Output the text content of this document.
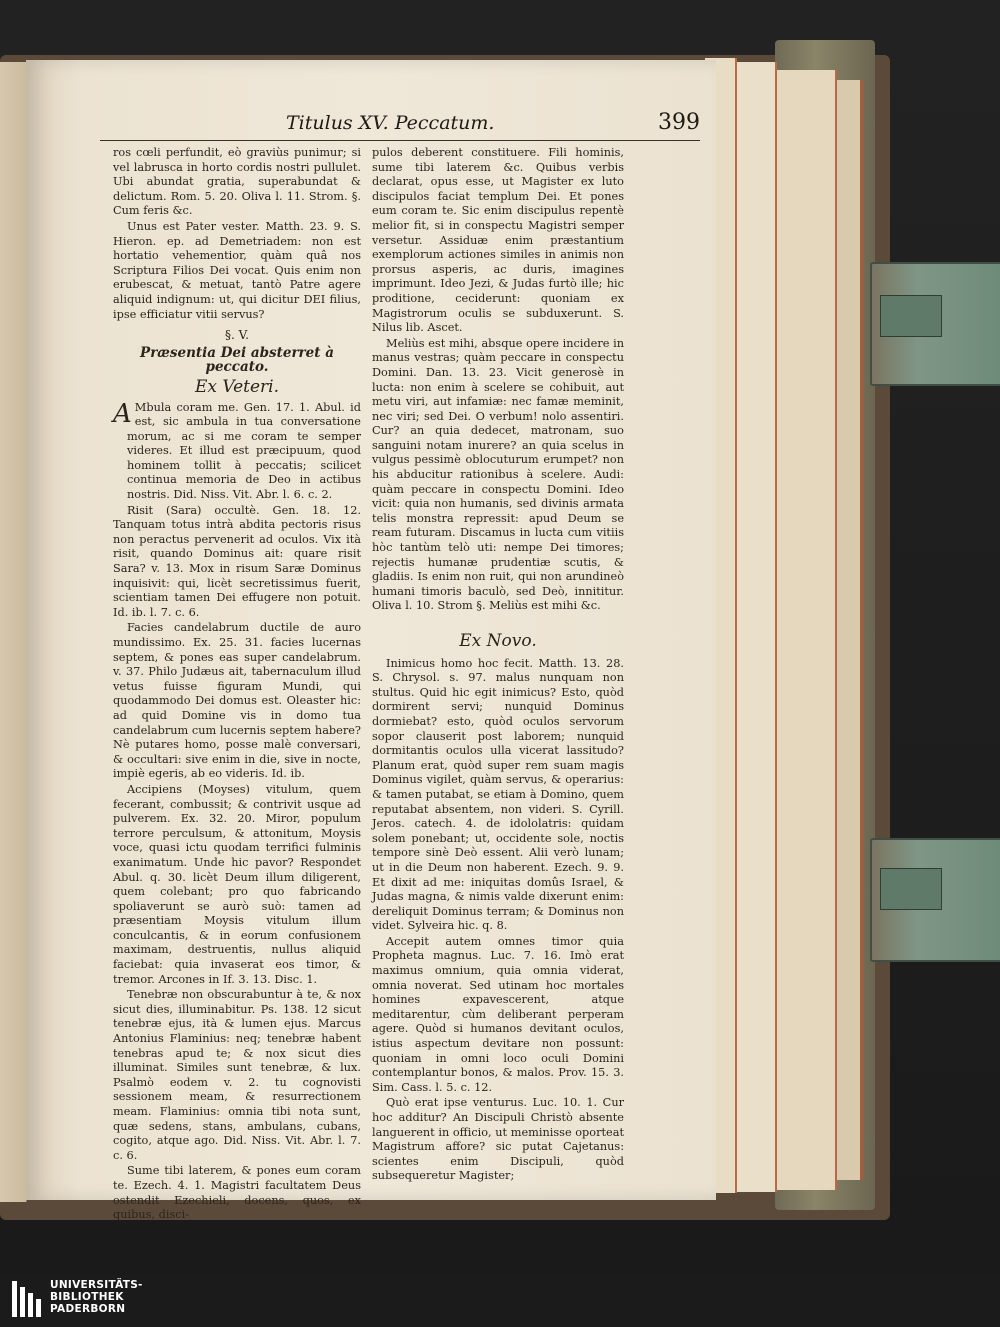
Titulus XV. Peccatum.	399

ros cœli perfundit, eò graviùs punimur; si vel labrusca in horto cordis nostri pullulet. Ubi abundat gratia, superabundat & delictum. Rom. 5. 20. Oliva l. 11. Strom. §. Cum feris &c.

Unus est Pater vester. Matth. 23. 9. S. Hieron. ep. ad Demetriadem: non est hortatio vehementior, quàm quâ nos Scriptura Filios Dei vocat. Quis enim non erubescat, & metuat, tantò Patre agere aliquid indignum: ut, qui dicitur DEI filius, ipse efficiatur vitii servus?

§. V.

Præsentia Dei absterret à peccato.

Ex Veteri.

A Mbula coram me. Gen. 17. 1. Abul. id est, sic ambula in tua conversatione morum, ac si me coram te semper videres. Et illud est præcipuum, quod hominem tollit à peccatis; scilicet continua memoria de Deo in actibus nostris. Did. Niss. Vit. Abr. l. 6. c. 2.

Risit (Sara) occultè. Gen. 18. 12. Tanquam totus intrà abdita pectoris risus non peractus pervenerit ad oculos. Vix ità risit, quando Dominus ait: quare risit Sara? v. 13. Mox in risum Saræ Dominus inquisivit: qui, licèt secretissimus fuerit, scientiam tamen Dei effugere non potuit. Id. ib. l. 7. c. 6.

Facies candelabrum ductile de auro mundissimo. Ex. 25. 31. facies lucernas septem, & pones eas super candelabrum. v. 37. Philo Judæus ait, tabernaculum illud vetus fuisse figuram Mundi, qui quodammodo Dei domus est. Oleaster hic: ad quid Domine vis in domo tua candelabrum cum lucernis septem habere? Nè putares homo, posse malè conversari, & occultari: sive enim in die, sive in nocte, impiè egeris, ab eo videris. Id. ib.

Accipiens (Moyses) vitulum, quem fecerant, combussit; & contrivit usque ad pulverem. Ex. 32. 20. Miror, populum terrore perculsum, & attonitum, Moysis voce, quasi ictu quodam terrifici fulminis exanimatum. Unde hic pavor? Respondet Abul. q. 30. licèt Deum illum diligerent, quem colebant; pro quo fabricando spoliaverunt se aurò suò: tamen ad præsentiam Moysis vitulum illum conculcantis, & in eorum confusionem maximam, destruentis, nullus aliquid faciebat: quia invaserat eos timor, & tremor. Arcones in If. 3. 13. Disc. 1.

Tenebræ non obscurabuntur à te, & nox sicut dies, illuminabitur. Ps. 138. 12 sicut tenebræ ejus, ità & lumen ejus. Marcus Antonius Flaminius: neq; tenebræ habent tenebras apud te; & nox sicut dies illuminat. Similes sunt tenebræ, & lux. Psalmò eodem v. 2. tu cognovisti sessionem meam, & resurrectionem meam. Flaminius: omnia tibi nota sunt, quæ sedens, stans, ambulans, cubans, cogito, atque ago. Did. Niss. Vit. Abr. l. 7. c. 6.

Sume tibi laterem, & pones eum coram te. Ezech. 4. 1. Magistri facultatem Deus ostendit Ezechieli, docens, quos, ex quibus, disci-

pulos deberent constituere. Fili hominis, sume tibi laterem &c. Quibus verbis declarat, opus esse, ut Magister ex luto discipulos faciat templum Dei. Et pones eum coram te. Sic enim discipulus repentè melior fit, si in conspectu Magistri semper versetur. Assiduæ enim præstantium exemplorum actiones similes in animis non prorsus asperis, ac duris, imagines imprimunt. Ideo Jezi, & Judas furtò ille; hic proditione, ceciderunt: quoniam ex Magistrorum oculis se subduxerunt. S. Nilus lib. Ascet.

Meliùs est mihi, absque opere incidere in manus vestras; quàm peccare in conspectu Domini. Dan. 13. 23. Vicit generosè in lucta: non enim à scelere se cohibuit, aut metu viri, aut infamiæ: nec famæ meminit, nec viri; sed Dei. O verbum! nolo assentiri. Cur? an quia dedecet, matronam, suo sanguini notam inurere? an quia scelus in vulgus pessimè oblocuturum erumpet? non his abducitur rationibus à scelere. Audi: quàm peccare in conspectu Domini. Ideo vicit: quia non humanis, sed divinis armata telis monstra repressit: apud Deum se ream futuram. Discamus in lucta cum vitiis hòc tantùm telò uti: nempe Dei timores; rejectis humanæ prudentiæ scutis, & gladiis. Is enim non ruit, qui non arundineò humani timoris baculò, sed Deò, innititur. Oliva l. 10. Strom §. Meliùs est mihi &c.

Ex Novo.

Inimicus homo hoc fecit. Matth. 13. 28. S. Chrysol. s. 97. malus nunquam non stultus. Quid hic egit inimicus? Esto, quòd dormirent servi; nunquid Dominus dormiebat? esto, quòd oculos servorum sopor clauserit post laborem; nunquid dormitantis oculos ulla vicerat lassitudo? Planum erat, quòd super rem suam magis Dominus vigilet, quàm servus, & operarius: & tamen putabat, se etiam à Domino, quem reputabat absentem, non videri. S. Cyrill. Jeros. catech. 4. de idololatris: quidam solem ponebant; ut, occidente sole, noctis tempore sinè Deò essent. Alii verò lunam; ut in die Deum non haberent. Ezech. 9. 9. Et dixit ad me: iniquitas domûs Israel, & Judas magna, & nimis valde dixerunt enim: dereliquit Dominus terram; & Dominus non videt. Sylveira hic. q. 8.

Accepit autem omnes timor quia Propheta magnus. Luc. 7. 16. Imò erat maximus omnium, quia omnia viderat, omnia noverat. Sed utinam hoc mortales homines expavescerent, atque meditarentur, cùm deliberant perperam agere. Quòd si humanos devitant oculos, istius aspectum devitare non possunt: quoniam in omni loco oculi Domini contemplantur bonos, & malos. Prov. 15. 3. Sim. Cass. l. 5. c. 12.

Quò erat ipse venturus. Luc. 10. 1. Cur hoc additur? An Discipuli Christò absente languerent in officio, ut meminisse oporteat Magistrum affore? sic putat Cajetanus: scientes enim Discipuli, quòd subsequeretur Magister;

UNIVERSITÄTS-
BIBLIOTHEK
PADERBORN
